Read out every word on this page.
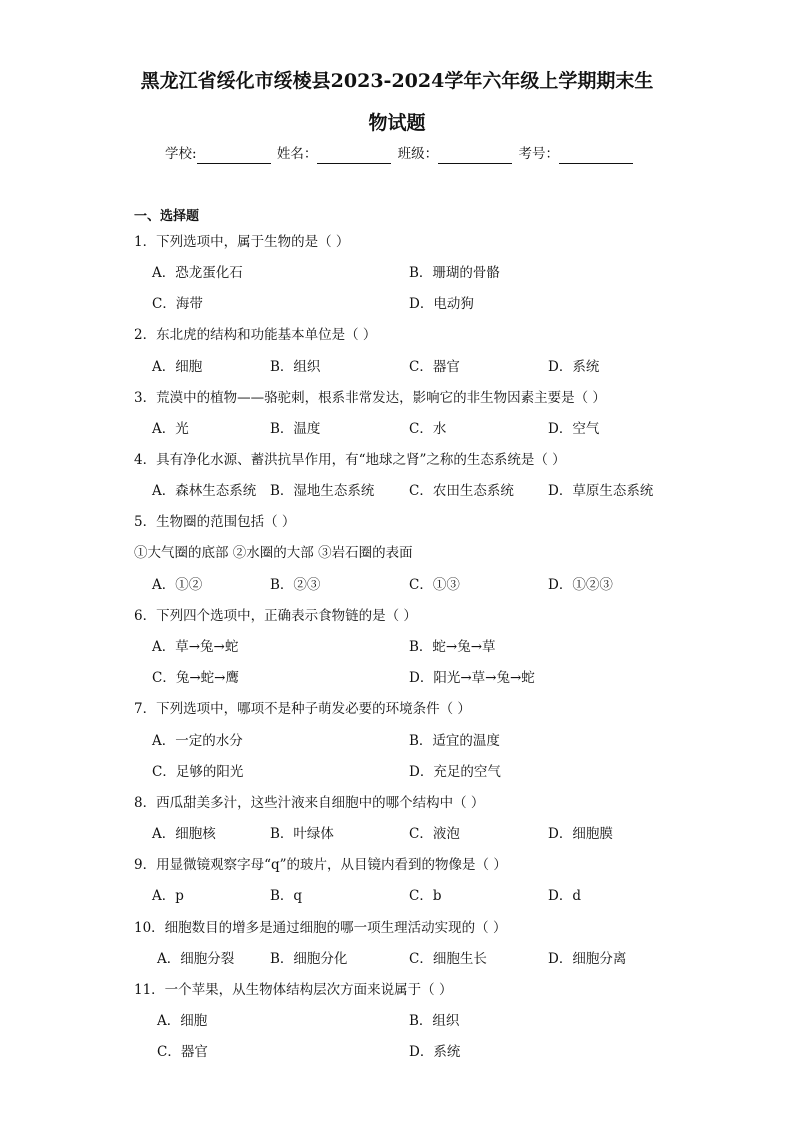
黑龙江省绥化市绥棱县2023-2024学年六年级上学期期末生
物试题
学校:	姓名：	班级：	考号：
一、选择题
1．下列选项中，属于生物的是（ ）
A．恐龙蛋化石	B．珊瑚的骨骼
C．海带	D．电动狗
2．东北虎的结构和功能基本单位是（ ）
A．细胞	B．组织	C．器官	D．系统
3．荒漠中的植物——骆驼刺，根系非常发达，影响它的非生物因素主要是（ ）
A．光	B．温度	C．水	D．空气
4．具有净化水源、蓄洪抗旱作用，有“地球之肾”之称的生态系统是（ ）
A．森林生态系统 B．湿地生态系统	C．农田生态系统	D．草原生态系统
5．生物圈的范围包括（ ）
①大气圈的底部 ②水圈的大部 ③岩石圈的表面
A．①②	B．②③	C．①③	D．①②③
6．下列四个选项中，正确表示食物链的是（ ）
A．草→兔→蛇	B．蛇→兔→草
C．兔→蛇→鹰	D．阳光→草→兔→蛇
7．下列选项中，哪项不是种子萌发必要的环境条件（ ）
A．一定的水分	B．适宜的温度
C．足够的阳光	D．充足的空气
8．西瓜甜美多汁，这些汁液来自细胞中的哪个结构中（ ）
A．细胞核	B．叶绿体	C．液泡	D．细胞膜
9．用显微镜观察字母“q”的玻片，从目镜内看到的物像是（ ）
A．p	B．q	C．b	D．d
10．细胞数目的增多是通过细胞的哪一项生理活动实现的（ ）
A．细胞分裂	B．细胞分化	C．细胞生长	D．细胞分离
11．一个苹果，从生物体结构层次方面来说属于（ ）
A．细胞	B．组织
C．器官	D．系统
